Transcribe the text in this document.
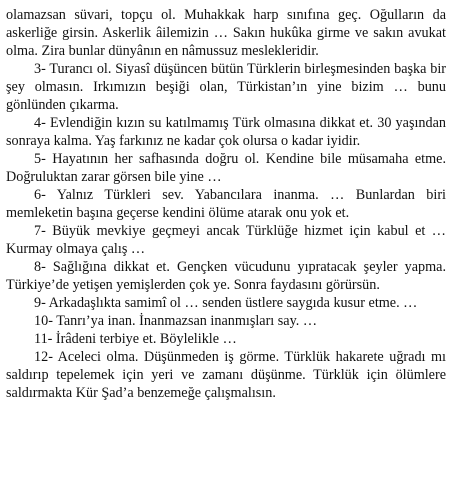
olamazsan süvari, topçu ol. Muhakkak harp sınıfına geç. Oğulların da askerliğe girsin. Askerlik âilemizin … Sakın hukûka girme ve sakın avukat olma. Zira bunlar dünyânın en nâmussuz meslekleridir.

3- Turancı ol. Siyasî düşüncen bütün Türklerin birleşmesinden başka bir şey olmasın. Irkımızın beşiği olan, Türkistan’ın yine bizim … bunu gönlünden çıkarma.

4- Evlendiğin kızın su katılmamış Türk olmasına dikkat et. 30 yaşından sonraya kalma. Yaş farkınız ne kadar çok olursa o kadar iyidir.

5- Hayatının her safhasında doğru ol. Kendine bile müsamaha etme. Doğruluktan zarar görsen bile yine …

6- Yalnız Türkleri sev. Yabancılara inanma. … Bunlardan biri memleketin başına geçerse kendini ölüme atarak onu yok et.

7- Büyük mevkiye geçmeyi ancak Türklüğe hizmet için kabul et … Kurmay olmaya çalış …

8- Sağlığına dikkat et. Gençken vücudunu yıpratacak şeyler yapma. Türkiye’de yetişen yemişlerden çok ye. Sonra faydasını görürsün.

9- Arkadaşlıkta samimî ol … senden üstlere saygıda kusur etme. …

10- Tanrı’ya inan. İnanmazsan inanmışları say. …

11- İrâdeni terbiye et. Böylelikle …

12- Aceleci olma. Düşünmeden iş görme. Türklük hakarete uğradı mı saldırıp tepelemek için yeri ve zamanı düşünme. Türklük için ölümlere saldırmakta Kür Şad’a benzemeğe çalışmalısın.
